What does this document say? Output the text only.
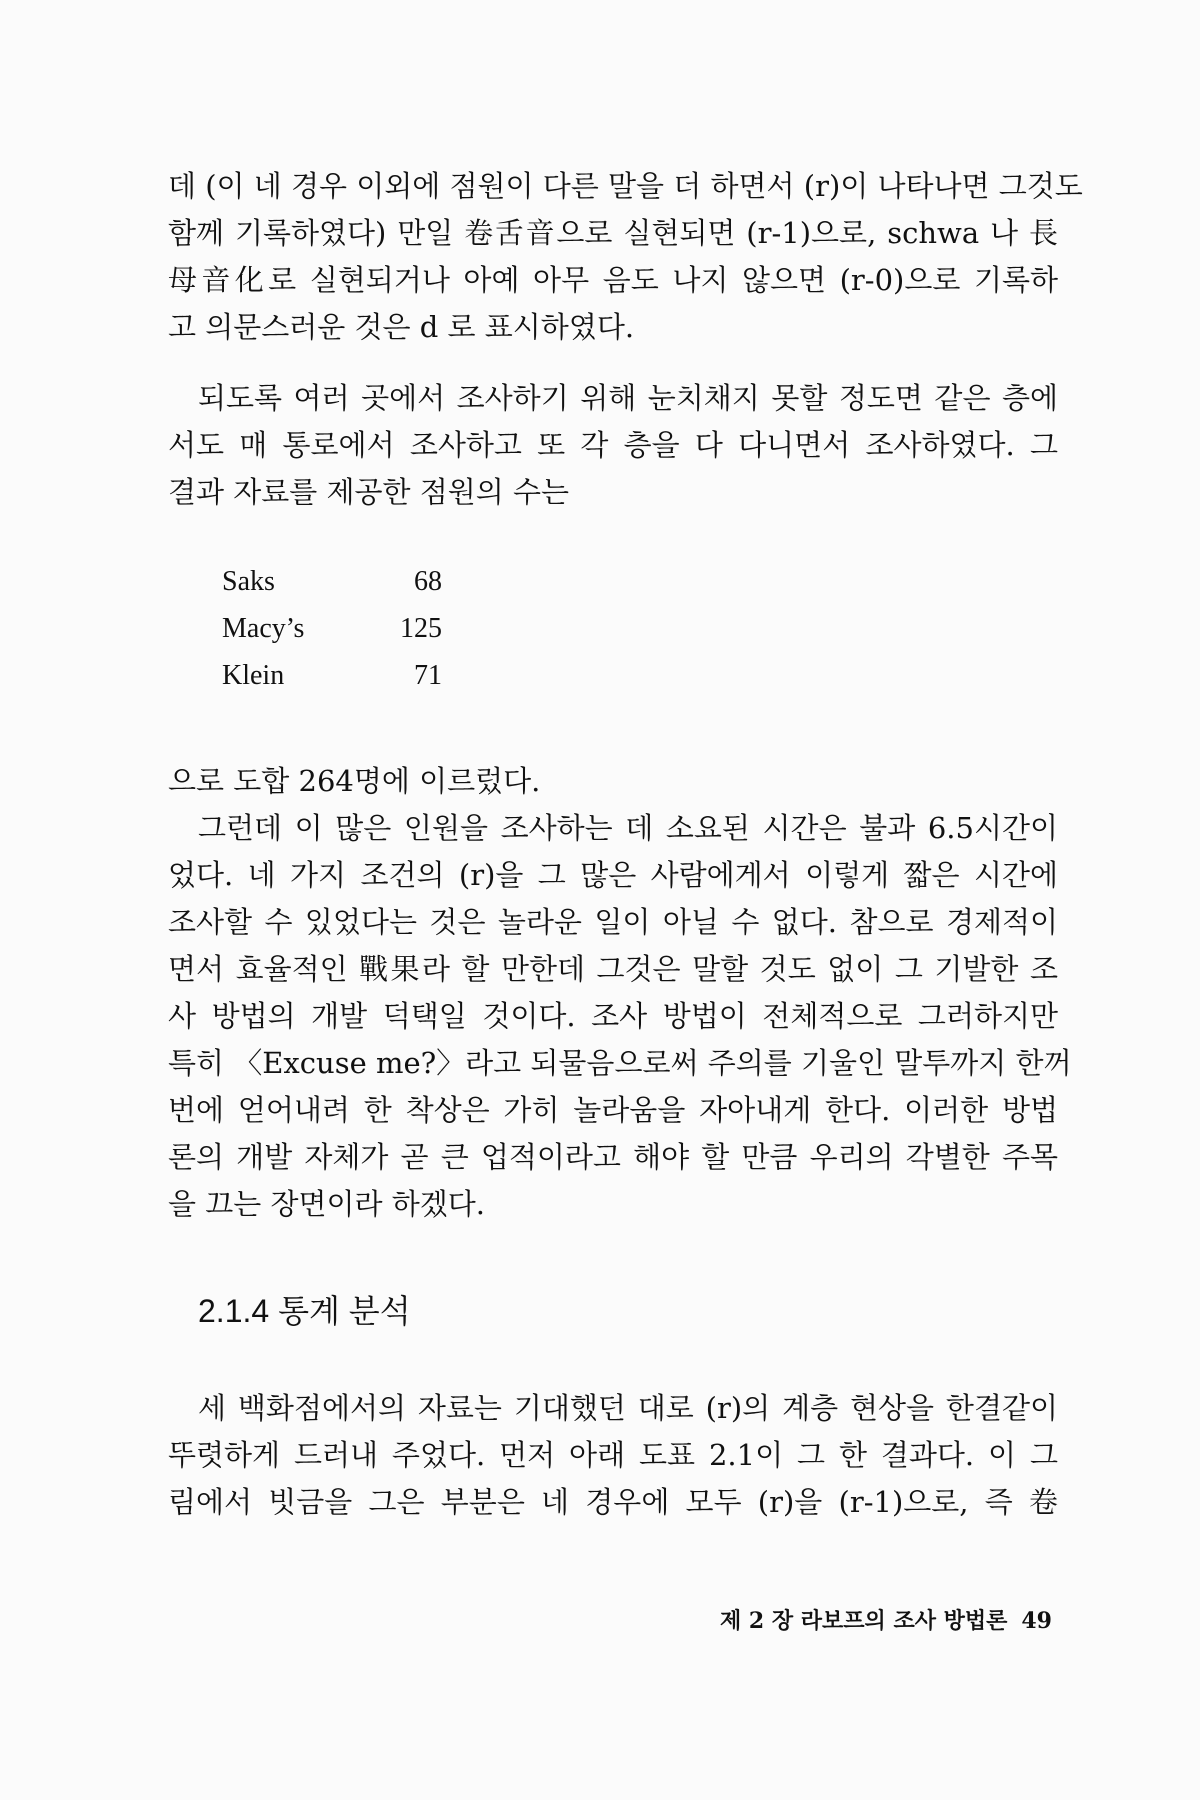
데 (이 네 경우 이외에 점원이 다른 말을 더 하면서 (r)이 나타나면 그것도
함께 기록하였다) 만일 卷舌音으로 실현되면 (r-1)으로, schwa 나 長
母音化로 실현되거나 아예 아무 음도 나지 않으면 (r-0)으로 기록하
고 의문스러운 것은 d 로 표시하였다.
되도록 여러 곳에서 조사하기 위해 눈치채지 못할 정도면 같은 층에
서도 매 통로에서 조사하고 또 각 층을 다 다니면서 조사하였다. 그
결과 자료를 제공한 점원의 수는
Saks	68
Macy’s	125
Klein	71
으로 도합 264명에 이르렀다.
그런데 이 많은 인원을 조사하는 데 소요된 시간은 불과 6.5시간이
었다. 네 가지 조건의 (r)을 그 많은 사람에게서 이렇게 짧은 시간에
조사할 수 있었다는 것은 놀라운 일이 아닐 수 없다. 참으로 경제적이
면서 효율적인 戰果라 할 만한데 그것은 말할 것도 없이 그 기발한 조
사 방법의 개발 덕택일 것이다. 조사 방법이 전체적으로 그러하지만
특히 〈Excuse me?〉라고 되물음으로써 주의를 기울인 말투까지 한꺼
번에 얻어내려 한 착상은 가히 놀라움을 자아내게 한다. 이러한 방법
론의 개발 자체가 곧 큰 업적이라고 해야 할 만큼 우리의 각별한 주목
을 끄는 장면이라 하겠다.
2.1.4 통계 분석
세 백화점에서의 자료는 기대했던 대로 (r)의 계층 현상을 한결같이
뚜렷하게 드러내 주었다. 먼저 아래 도표 2.1이 그 한 결과다. 이 그
림에서 빗금을 그은 부분은 네 경우에 모두 (r)을 (r-1)으로, 즉 卷
제 2 장 라보프의 조사 방법론 49
